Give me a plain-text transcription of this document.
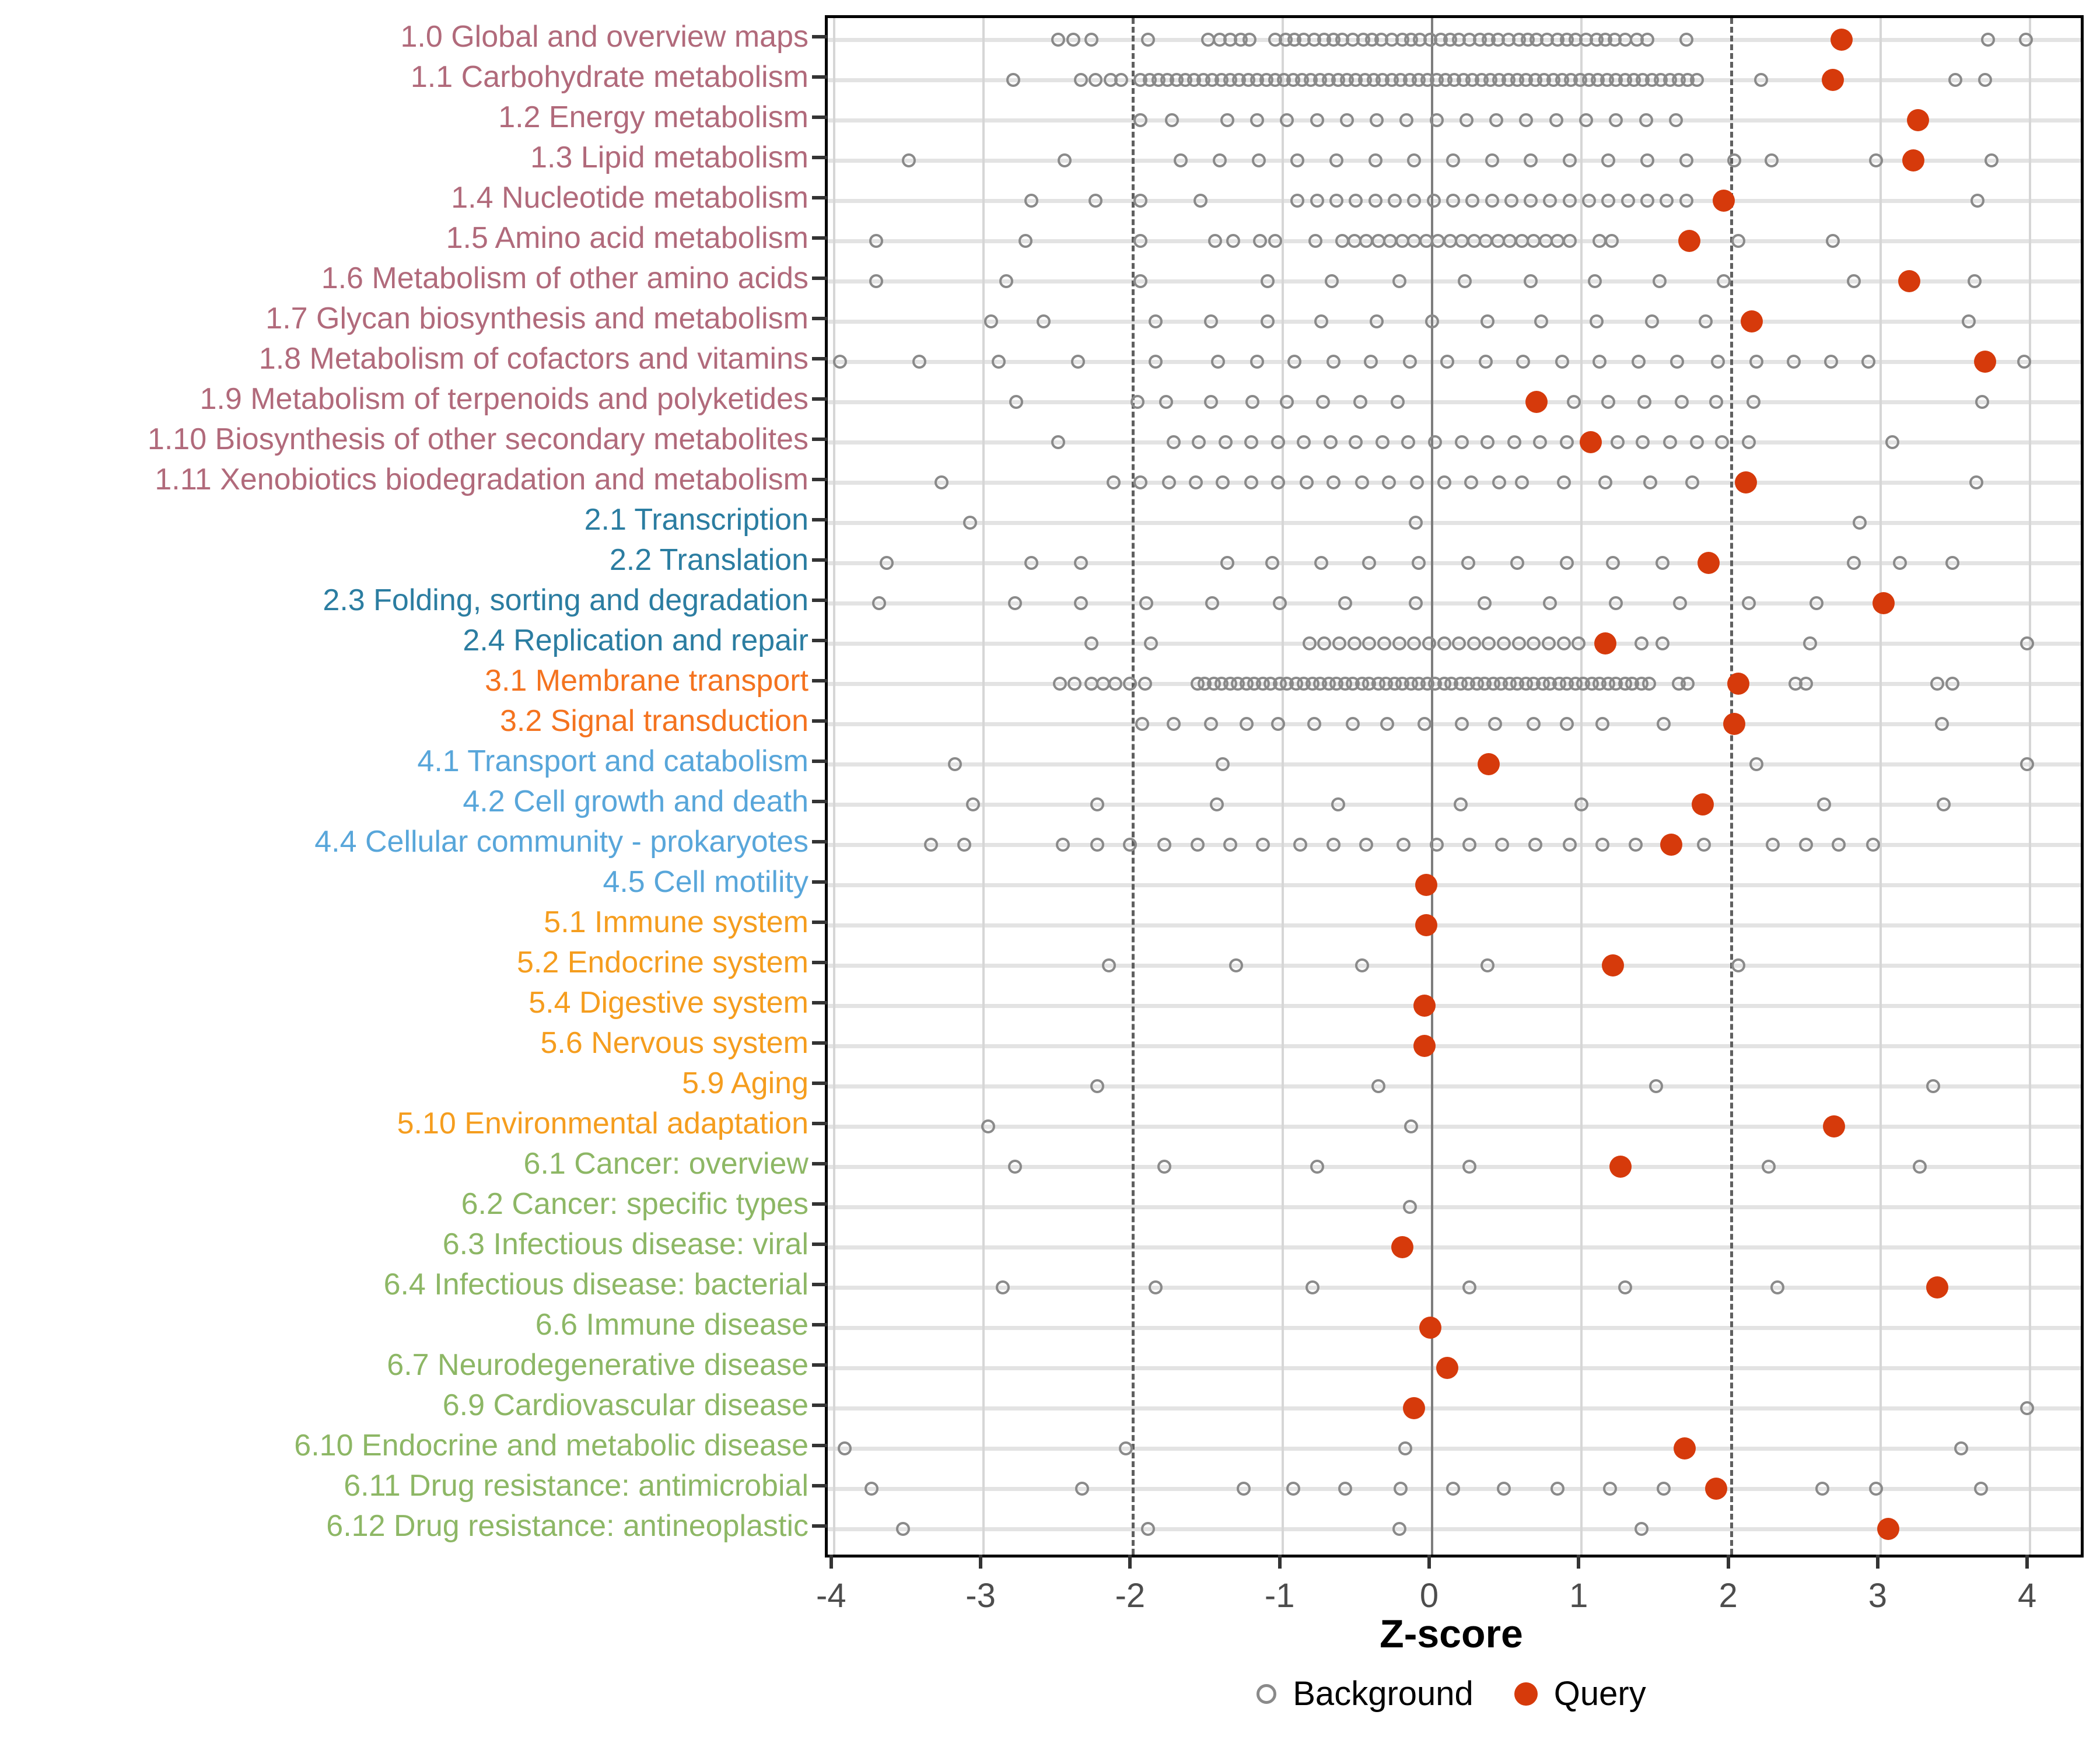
1.0 Global and overview maps
1.1 Carbohydrate metabolism
1.2 Energy metabolism
1.3 Lipid metabolism
1.4 Nucleotide metabolism
1.5 Amino acid metabolism
1.6 Metabolism of other amino acids
1.7 Glycan biosynthesis and metabolism
1.8 Metabolism of cofactors and vitamins
1.9 Metabolism of terpenoids and polyketides
1.10 Biosynthesis of other secondary metabolites
1.11 Xenobiotics biodegradation and metabolism
2.1 Transcription
2.2 Translation
2.3 Folding, sorting and degradation
2.4 Replication and repair
3.1 Membrane transport
3.2 Signal transduction
4.1 Transport and catabolism
4.2 Cell growth and death
4.4 Cellular community - prokaryotes
4.5 Cell motility
5.1 Immune system
5.2 Endocrine system
5.4 Digestive system
5.6 Nervous system
5.9 Aging
5.10 Environmental adaptation
6.1 Cancer: overview
6.2 Cancer: specific types
6.3 Infectious disease: viral
6.4 Infectious disease: bacterial
6.6 Immune disease
6.7 Neurodegenerative disease
6.9 Cardiovascular disease
6.10 Endocrine and metabolic disease
6.11 Drug resistance: antimicrobial
6.12 Drug resistance: antineoplastic
-4	-3	-2	-1	0	1	2	3	4
Z-score
Background Query
